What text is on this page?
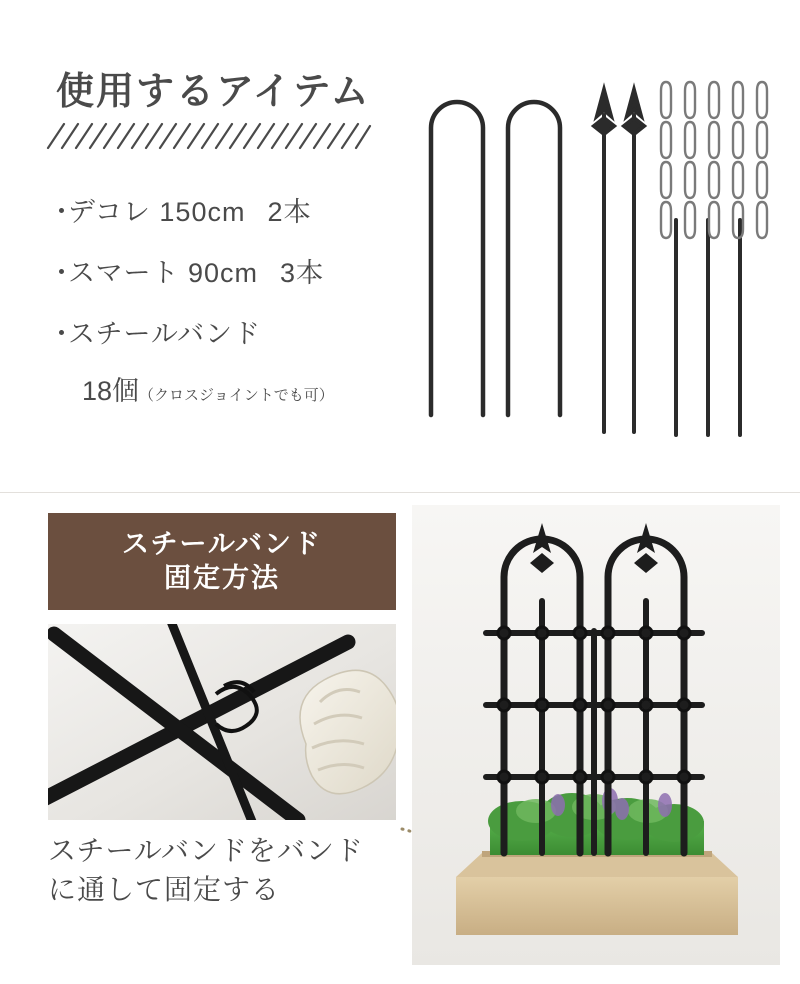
使用するアイテム
・デコレ 150cm 2本
・スマート 90cm 3本
・スチールバンド
18個（クロスジョイントでも可）
スチールバンド
固定方法
スチールバンドをバンド
に通して固定する
